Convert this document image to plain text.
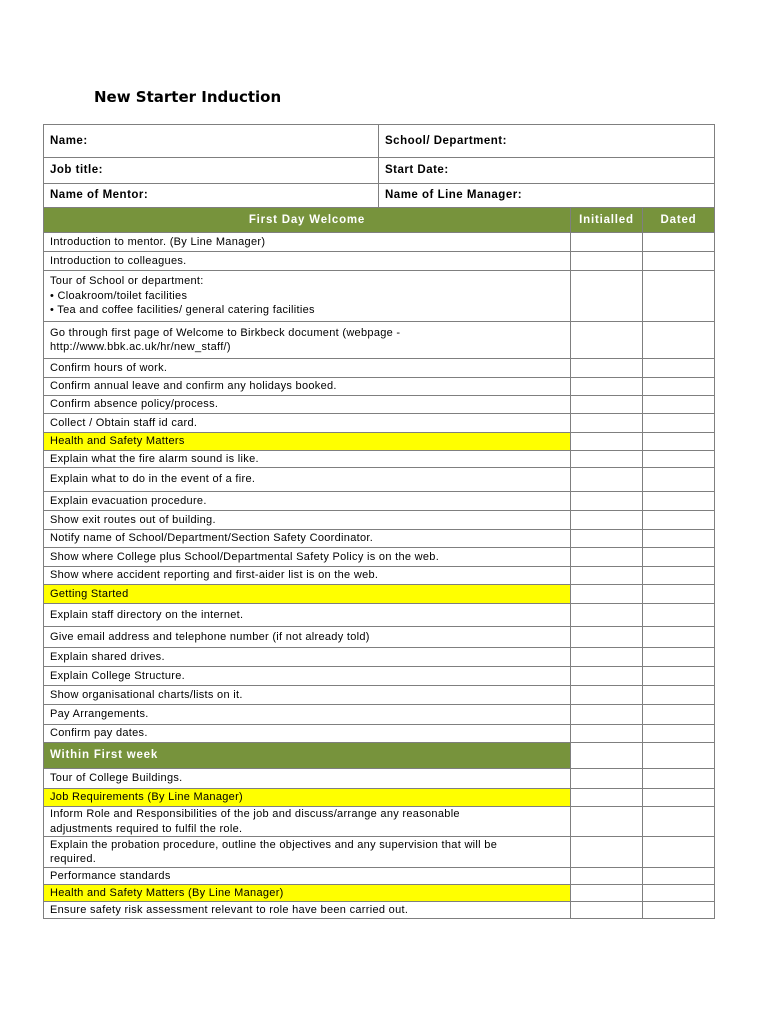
New Starter Induction
Name:	School/ Department:		
Job title:	Start Date:		
Name of Mentor:	Name of Line Manager:		
First Day Welcome		Initialled	Dated
Introduction to mentor. (By Line Manager)			
Introduction to colleagues.			

Tour of School or department:
• Cloakroom/toilet facilities
• Tea and coffee facilities/ general catering facilities			

Go through first page of Welcome to Birkbeck document (webpage -
http://www.bbk.ac.uk/hr/new_staff/)			

Confirm hours of work.			
Confirm annual leave and confirm any holidays booked.			
Confirm absence policy/process.			
Collect / Obtain staff id card.			
Health and Safety Matters			
Explain what the fire alarm sound is like.			
Explain what to do in the event of a fire.			
Explain evacuation procedure.			
Show exit routes out of building.			
Notify name of School/Department/Section Safety Coordinator.			
Show where College plus School/Departmental Safety Policy is on the web.			
Show where accident reporting and first-aider list is on the web.			
Getting Started			
Explain staff directory on the internet.			
Give email address and telephone number (if not already told)			
Explain shared drives.			
Explain College Structure.			
Show organisational charts/lists on it.			
Pay Arrangements.			
Confirm pay dates.			
Within First week			
Tour of College Buildings.			
Job Requirements (By Line Manager)			

Inform Role and Responsibilities of the job and discuss/arrange any reasonable
adjustments required to fulfil the role.			

Explain the probation procedure, outline the objectives and any supervision that will be
required.			

Performance standards			
Health and Safety Matters (By Line Manager)			
Ensure safety risk assessment relevant to role have been carried out.			
